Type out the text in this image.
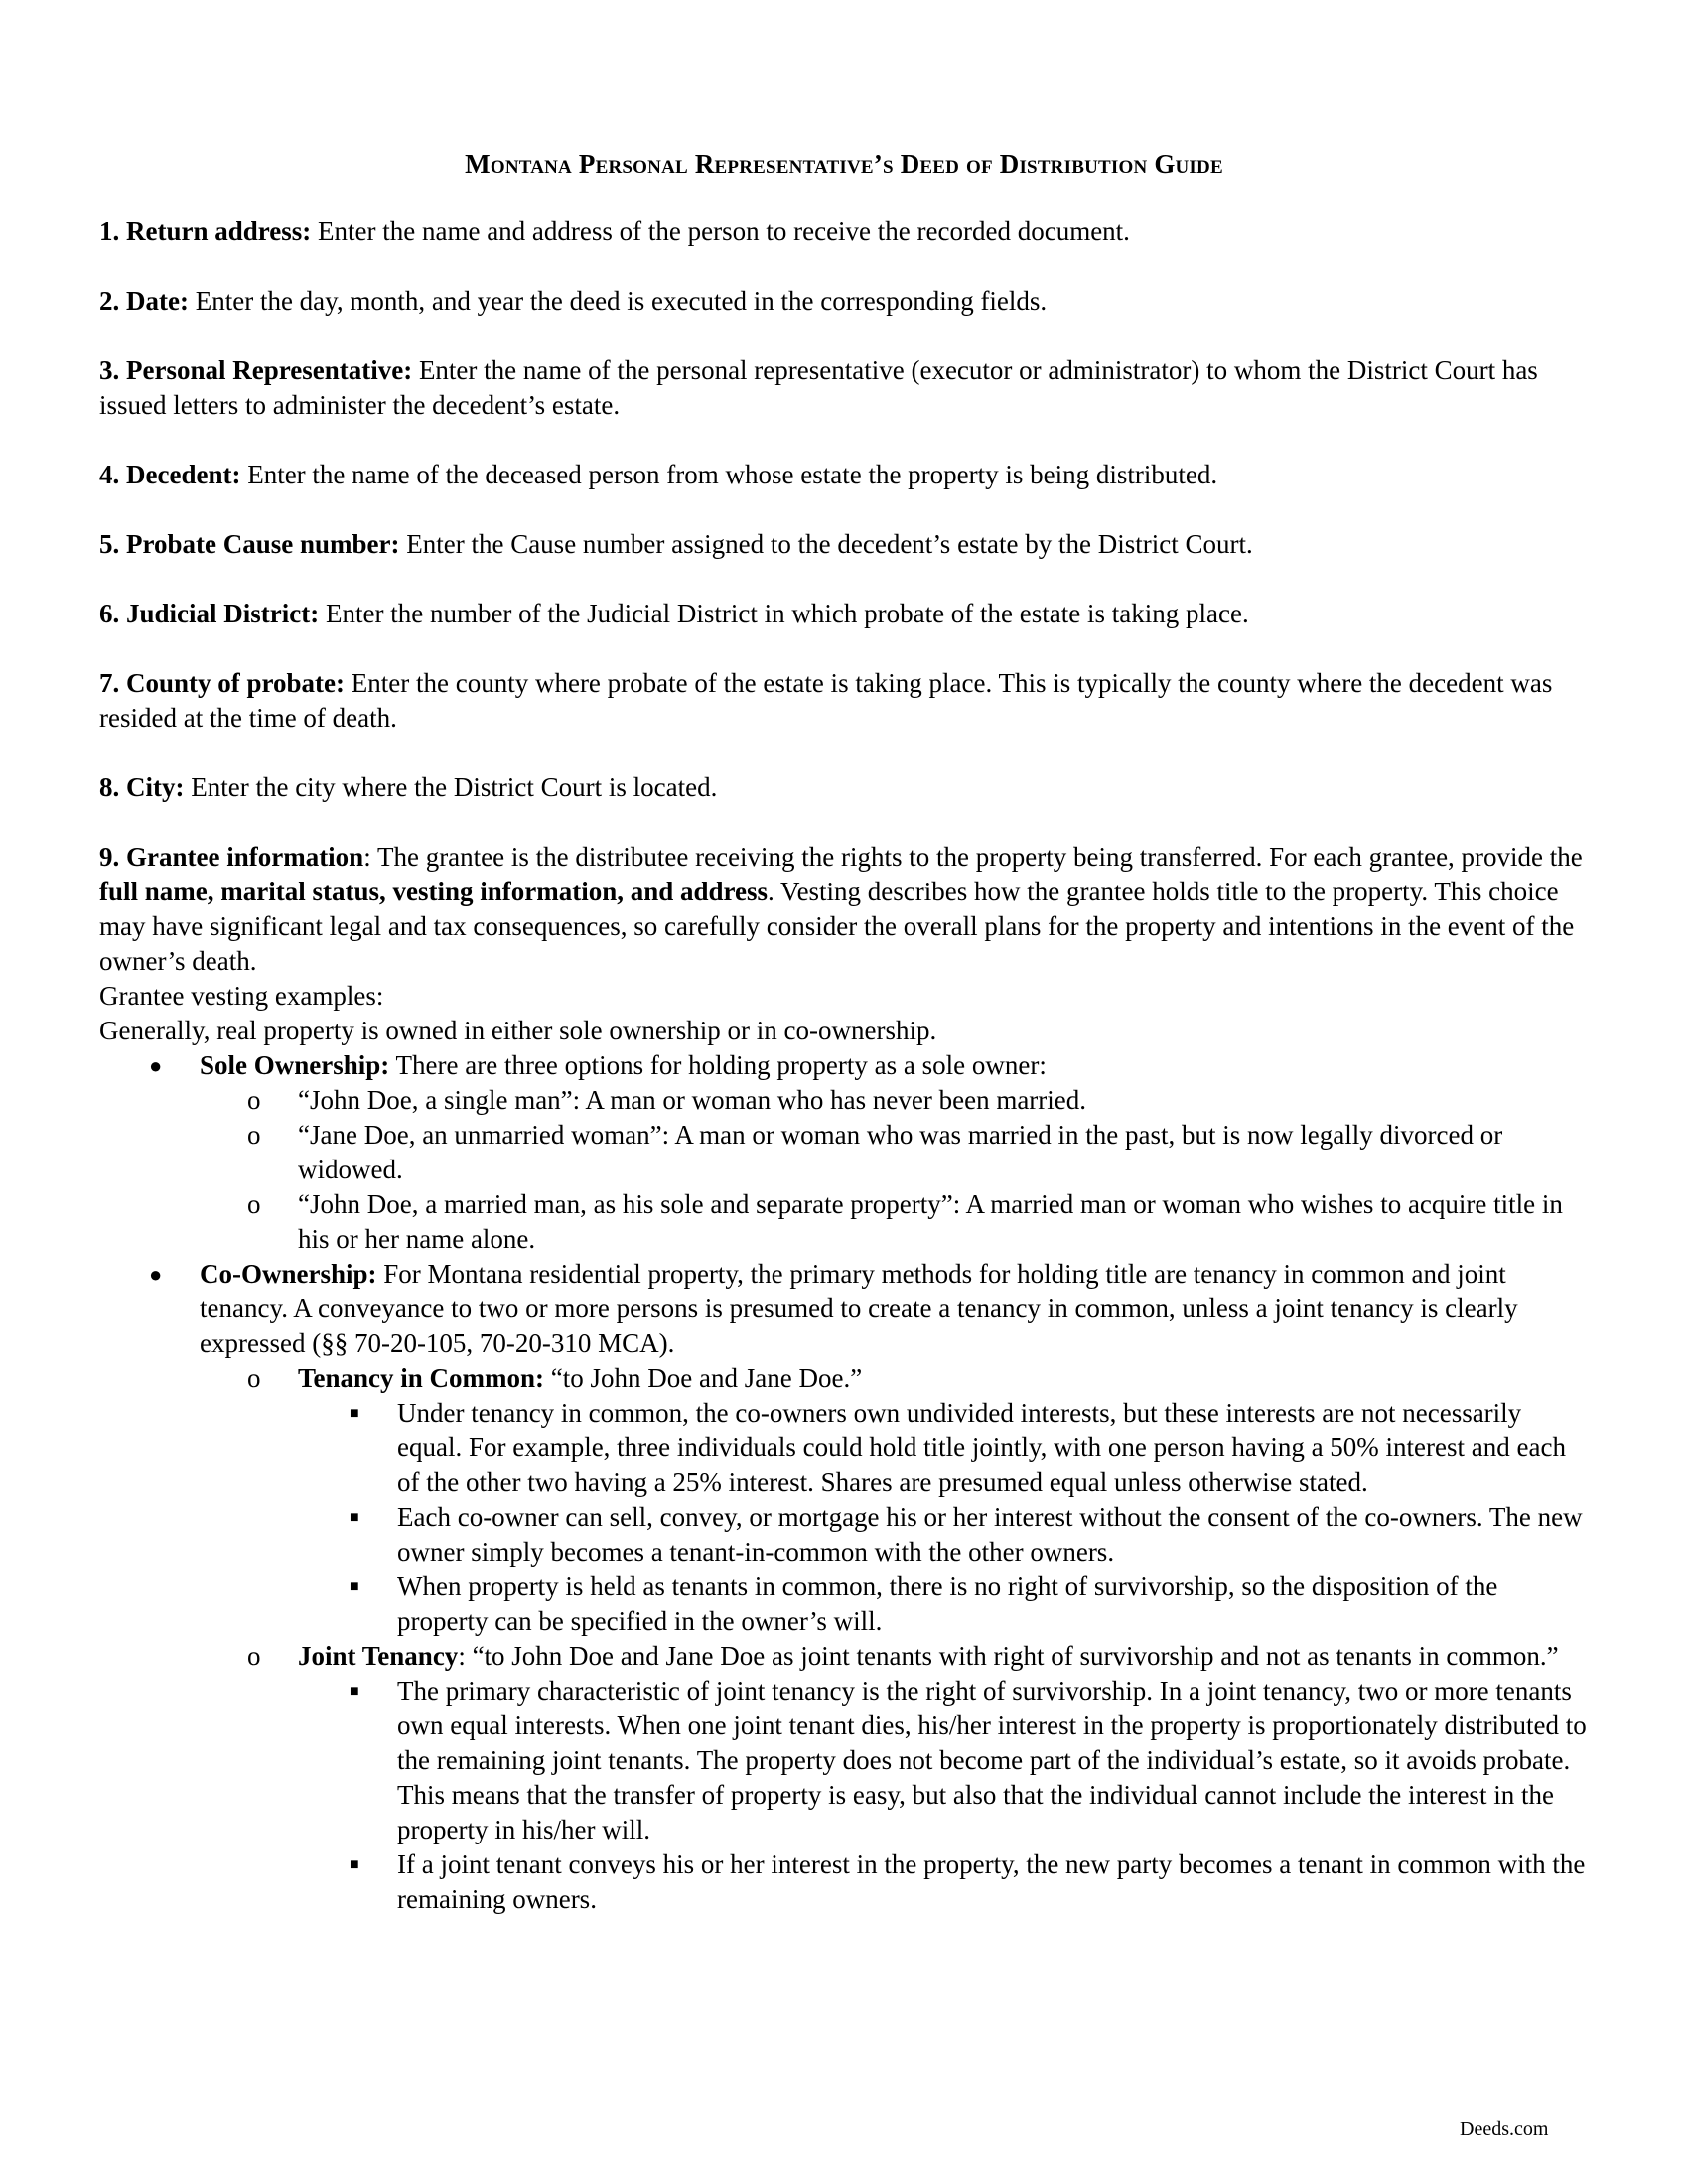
Montana Personal Representative’s Deed of Distribution Guide
1. Return address: Enter the name and address of the person to receive the recorded document.
2. Date: Enter the day, month, and year the deed is executed in the corresponding fields.
3. Personal Representative: Enter the name of the personal representative (executor or administrator) to whom the District Court has issued letters to administer the decedent’s estate.
4. Decedent: Enter the name of the deceased person from whose estate the property is being distributed.
5. Probate Cause number: Enter the Cause number assigned to the decedent’s estate by the District Court.
6. Judicial District: Enter the number of the Judicial District in which probate of the estate is taking place.
7. County of probate: Enter the county where probate of the estate is taking place. This is typically the county where the decedent was resided at the time of death.
8. City: Enter the city where the District Court is located.
9. Grantee information: The grantee is the distributee receiving the rights to the property being transferred. For each grantee, provide the full name, marital status, vesting information, and address. Vesting describes how the grantee holds title to the property. This choice may have significant legal and tax consequences, so carefully consider the overall plans for the property and intentions in the event of the owner’s death.
Grantee vesting examples:
Generally, real property is owned in either sole ownership or in co-ownership.
● Sole Ownership: There are three options for holding property as a sole owner:
o “John Doe, a single man”: A man or woman who has never been married.
o “Jane Doe, an unmarried woman”: A man or woman who was married in the past, but is now legally divorced or widowed.
o “John Doe, a married man, as his sole and separate property”: A married man or woman who wishes to acquire title in his or her name alone.
● Co-Ownership: For Montana residential property, the primary methods for holding title are tenancy in common and joint tenancy. A conveyance to two or more persons is presumed to create a tenancy in common, unless a joint tenancy is clearly expressed (§§ 70-20-105, 70-20-310 MCA).
o Tenancy in Common: “to John Doe and Jane Doe.”
■ Under tenancy in common, the co-owners own undivided interests, but these interests are not necessarily equal. For example, three individuals could hold title jointly, with one person having a 50% interest and each of the other two having a 25% interest. Shares are presumed equal unless otherwise stated.
■ Each co-owner can sell, convey, or mortgage his or her interest without the consent of the co-owners. The new owner simply becomes a tenant-in-common with the other owners.
■ When property is held as tenants in common, there is no right of survivorship, so the disposition of the property can be specified in the owner’s will.
o Joint Tenancy: “to John Doe and Jane Doe as joint tenants with right of survivorship and not as tenants in common.”
■ The primary characteristic of joint tenancy is the right of survivorship. In a joint tenancy, two or more tenants own equal interests. When one joint tenant dies, his/her interest in the property is proportionately distributed to the remaining joint tenants. The property does not become part of the individual’s estate, so it avoids probate. This means that the transfer of property is easy, but also that the individual cannot include the interest in the property in his/her will.
■ If a joint tenant conveys his or her interest in the property, the new party becomes a tenant in common with the remaining owners.
Deeds.com
